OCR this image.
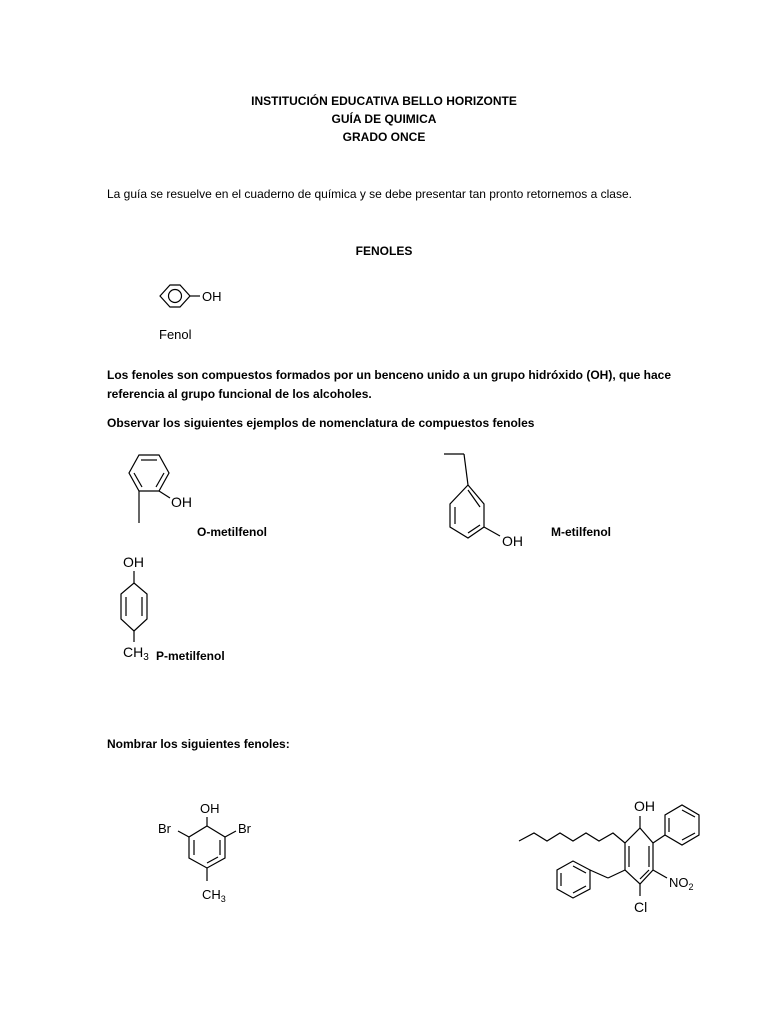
INSTITUCIÓN EDUCATIVA BELLO HORIZONTE
GUÍA DE QUIMICA
GRADO ONCE
La guía se resuelve en el cuaderno de química y se debe presentar tan pronto retornemos a clase.
FENOLES
OH
Fenol
Los fenoles son compuestos formados por un benceno unido a un grupo hidróxido (OH), que hace
referencia al grupo funcional de los alcoholes.
Observar los siguientes ejemplos de nomenclatura de compuestos fenoles
OH
O-metilfenol
OH
M-etilfenol
OH
$CH_3$ P-metilfenol
Nombrar los siguientes fenoles:
OH
Br	Br
$CH_3$
OH
$NO_2$
Cl
